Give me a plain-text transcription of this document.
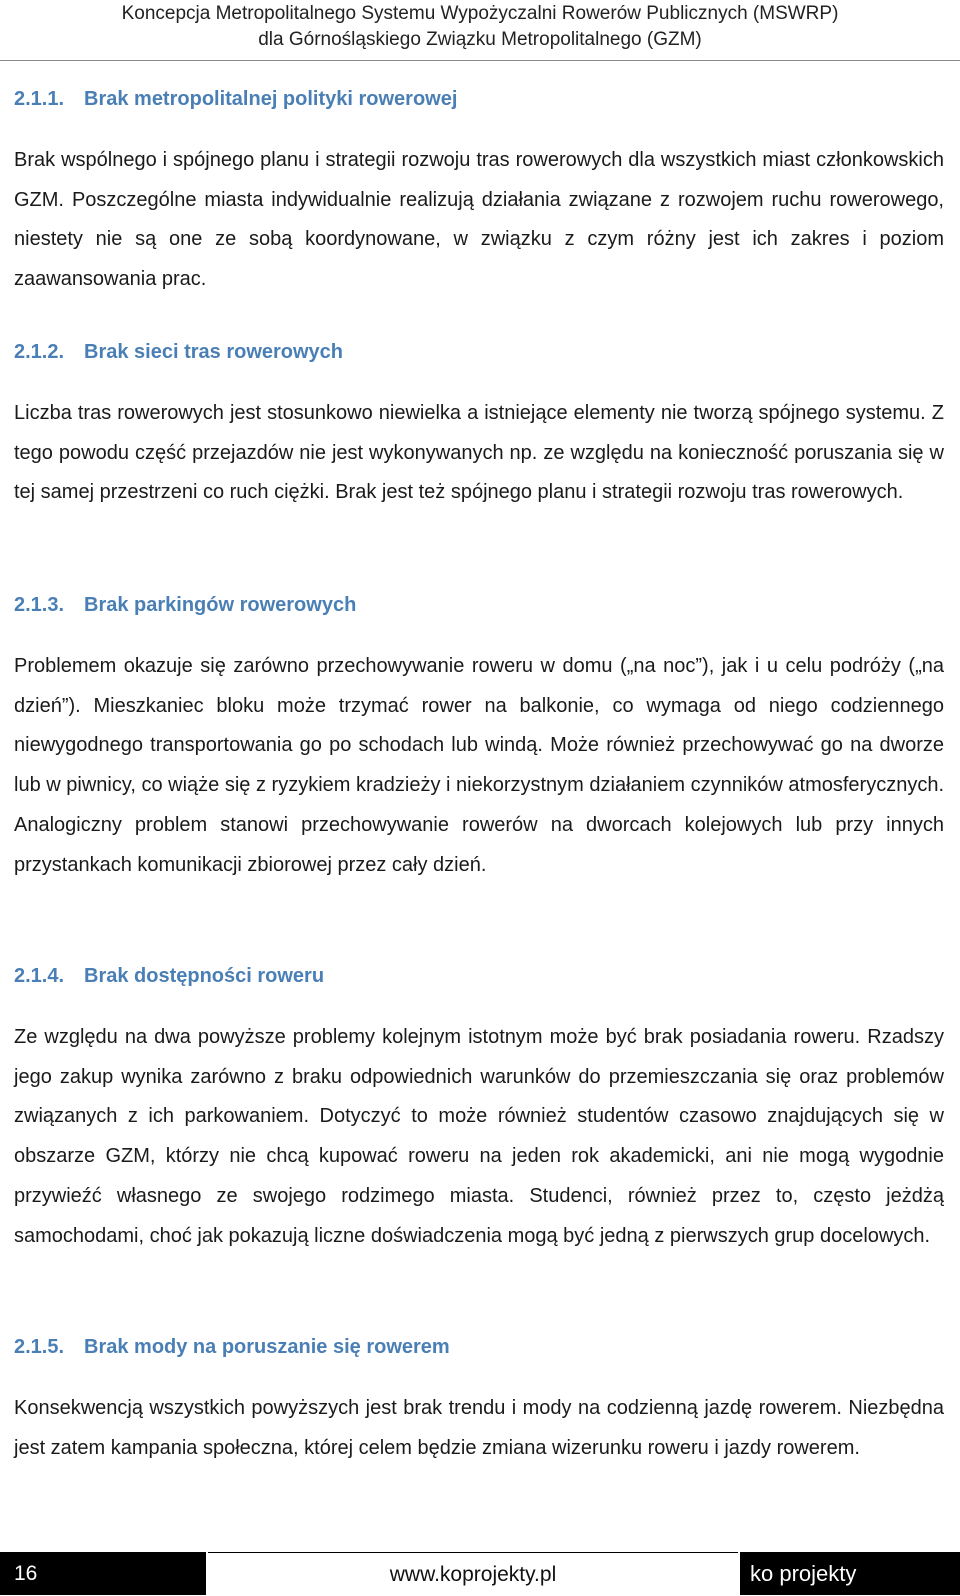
Koncepcja Metropolitalnego Systemu Wypożyczalni Rowerów Publicznych (MSWRP)
dla Górnośląskiego Związku Metropolitalnego (GZM)
2.1.1. Brak metropolitalnej polityki rowerowej
Brak wspólnego i spójnego planu i strategii rozwoju tras rowerowych dla wszystkich miast członkowskich GZM. Poszczególne miasta indywidualnie realizują działania związane z rozwojem ruchu rowerowego, niestety nie są one ze sobą koordynowane, w związku z czym różny jest ich zakres i poziom zaawansowania prac.
2.1.2. Brak sieci tras rowerowych
Liczba tras rowerowych jest stosunkowo niewielka a istniejące elementy nie tworzą spójnego systemu. Z tego powodu część przejazdów nie jest wykonywanych np. ze względu na konieczność poruszania się w tej samej przestrzeni co ruch ciężki. Brak jest też spójnego planu i strategii rozwoju tras rowerowych.
2.1.3. Brak parkingów rowerowych
Problemem okazuje się zarówno przechowywanie roweru w domu („na noc”), jak i u celu podróży („na dzień”). Mieszkaniec bloku może trzymać rower na balkonie, co wymaga od niego codziennego niewygodnego transportowania go po schodach lub windą. Może również przechowywać go na dworze lub w piwnicy, co wiąże się z ryzykiem kradzieży i niekorzystnym działaniem czynników atmosferycznych. Analogiczny problem stanowi przechowywanie rowerów na dworcach kolejowych lub przy innych przystankach komunikacji zbiorowej przez cały dzień.
2.1.4. Brak dostępności roweru
Ze względu na dwa powyższe problemy kolejnym istotnym może być brak posiadania roweru. Rzadszy jego zakup wynika zarówno z braku odpowiednich warunków do przemieszczania się oraz problemów związanych z ich parkowaniem. Dotyczyć to może również studentów czasowo znajdujących się w obszarze GZM, którzy nie chcą kupować roweru na jeden rok akademicki, ani nie mogą wygodnie przywieźć własnego ze swojego rodzimego miasta. Studenci, również przez to, często jeżdżą samochodami, choć jak pokazują liczne doświadczenia mogą być jedną z pierwszych grup docelowych.
2.1.5. Brak mody na poruszanie się rowerem
Konsekwencją wszystkich powyższych jest brak trendu i mody na codzienną jazdę rowerem. Niezbędna jest zatem kampania społeczna, której celem będzie zmiana wizerunku roweru i jazdy rowerem.
16	www.koprojekty.pl	ko projekty
